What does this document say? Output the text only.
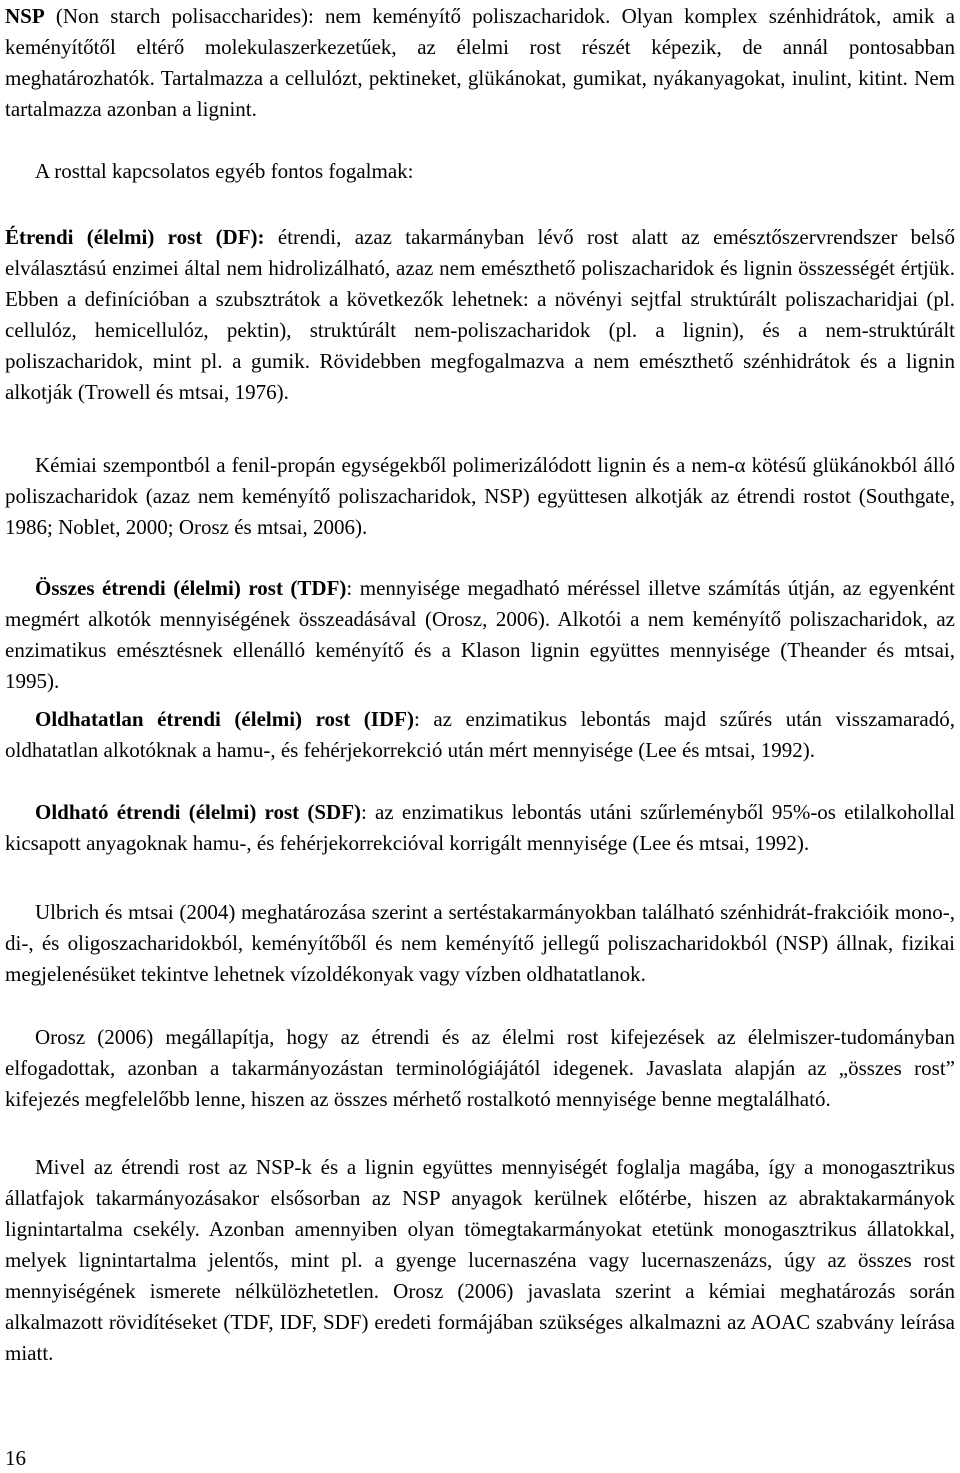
NSP (Non starch polisaccharides): nem keményítő poliszacharidok. Olyan komplex szénhidrátok, amik a keményítőtől eltérő molekulaszerkezetűek, az élelmi rost részét képezik, de annál pontosabban meghatározhatók. Tartalmazza a cellulózt, pektineket, glükánokat, gumikat, nyákanyagokat, inulint, kitint. Nem tartalmazza azonban a lignint.

A rosttal kapcsolatos egyéb fontos fogalmak:

Étrendi (élelmi) rost (DF): étrendi, azaz takarmányban lévő rost alatt az emésztőszervrendszer belső elválasztású enzimei által nem hidrolizálható, azaz nem emészthető poliszacharidok és lignin összességét értjük. Ebben a definícióban a szubsztrátok a következők lehetnek: a növényi sejtfal struktúrált poliszacharidjai (pl. cellulóz, hemicellulóz, pektin), struktúrált nem-poliszacharidok (pl. a lignin), és a nem-struktúrált poliszacharidok, mint pl. a gumik. Rövidebben megfogalmazva a nem emészthető szénhidrátok és a lignin alkotják (Trowell és mtsai, 1976).

Kémiai szempontból a fenil-propán egységekből polimerizálódott lignin és a nem-α kötésű glükánokból álló poliszacharidok (azaz nem keményítő poliszacharidok, NSP) együttesen alkotják az étrendi rostot (Southgate, 1986; Noblet, 2000; Orosz és mtsai, 2006).

Összes étrendi (élelmi) rost (TDF): mennyisége megadható méréssel illetve számítás útján, az egyenként megmért alkotók mennyiségének összeadásával (Orosz, 2006). Alkotói a nem keményítő poliszacharidok, az enzimatikus emésztésnek ellenálló keményítő és a Klason lignin együttes mennyisége (Theander és mtsai, 1995).

Oldhatatlan étrendi (élelmi) rost (IDF): az enzimatikus lebontás majd szűrés után visszamaradó, oldhatatlan alkotóknak a hamu-, és fehérjekorrekció után mért mennyisége (Lee és mtsai, 1992).

Oldható étrendi (élelmi) rost (SDF): az enzimatikus lebontás utáni szűrleményből 95%-os etilalkohollal kicsapott anyagoknak hamu-, és fehérjekorrekcióval korrigált mennyisége (Lee és mtsai, 1992).

Ulbrich és mtsai (2004) meghatározása szerint a sertéstakarmányokban található szénhidrát-frakcióik mono-, di-, és oligoszacharidokból, keményítőből és nem keményítő jellegű poliszacharidokból (NSP) állnak, fizikai megjelenésüket tekintve lehetnek vízoldékonyak vagy vízben oldhatatlanok.

Orosz (2006) megállapítja, hogy az étrendi és az élelmi rost kifejezések az élelmiszer-tudományban elfogadottak, azonban a takarmányozástan terminológiájától idegenek. Javaslata alapján az „összes rost” kifejezés megfelelőbb lenne, hiszen az összes mérhető rostalkotó mennyisége benne megtalálható.

Mivel az étrendi rost az NSP-k és a lignin együttes mennyiségét foglalja magába, így a monogasztrikus állatfajok takarmányozásakor elsősorban az NSP anyagok kerülnek előtérbe, hiszen az abraktakarmányok lignintartalma csekély. Azonban amennyiben olyan tömegtakarmányokat etetünk monogasztrikus állatokkal, melyek lignintartalma jelentős, mint pl. a gyenge lucernaszéna vagy lucernaszenázs, úgy az összes rost mennyiségének ismerete nélkülözhetetlen. Orosz (2006) javaslata szerint a kémiai meghatározás során alkalmazott rövidítéseket (TDF, IDF, SDF) eredeti formájában szükséges alkalmazni az AOAC szabvány leírása miatt.

16
